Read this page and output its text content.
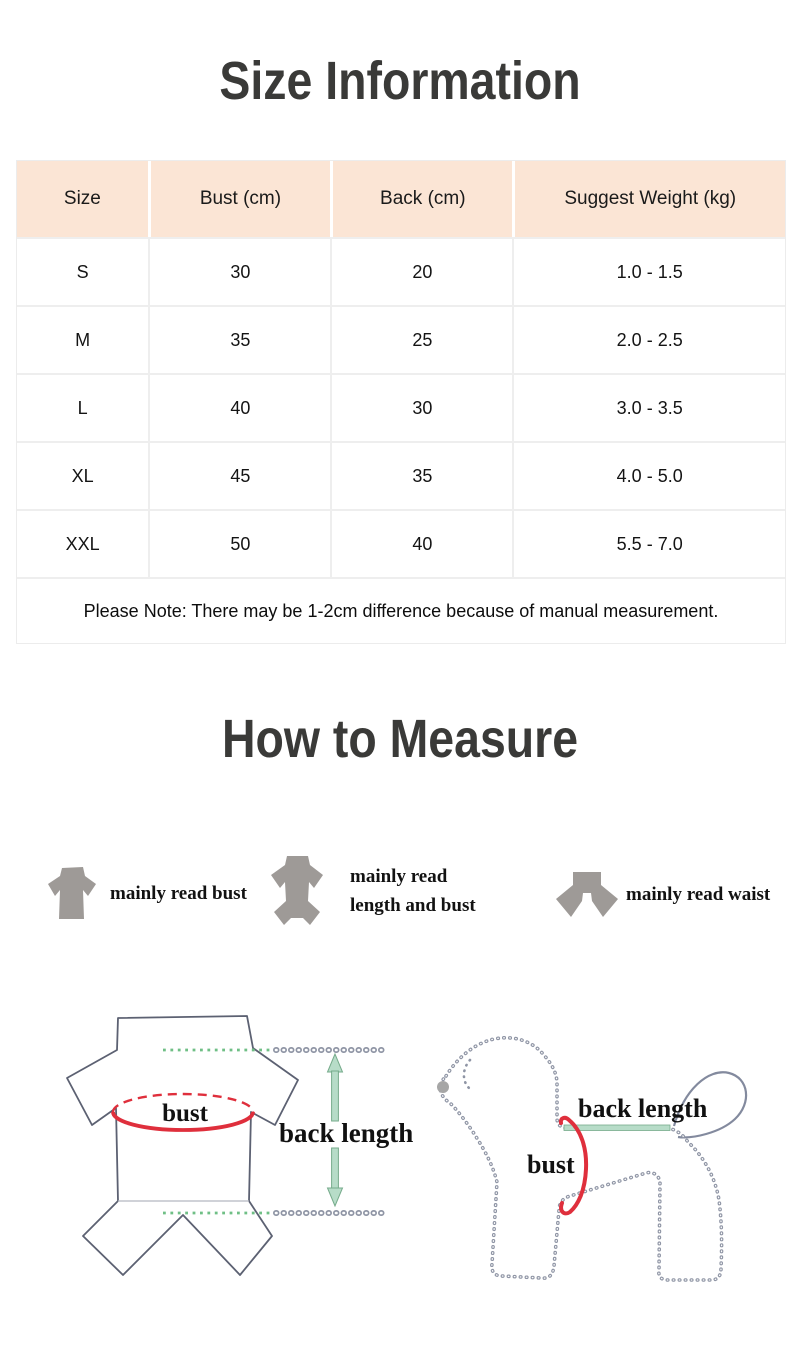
Size Information
Size	Bust (cm)	Back (cm)	Suggest Weight (kg)
S	30	20	1.0 - 1.5
M	35	25	2.0 - 2.5
L	40	30	3.0 - 3.5
XL	45	35	4.0 - 5.0
XXL	50	40	5.5 - 7.0
Please Note: There may be 1-2cm difference because of manual measurement.
How to Measure
mainly read bust
mainly read
length and bust
mainly read waist
bust
back length
back length
bust
